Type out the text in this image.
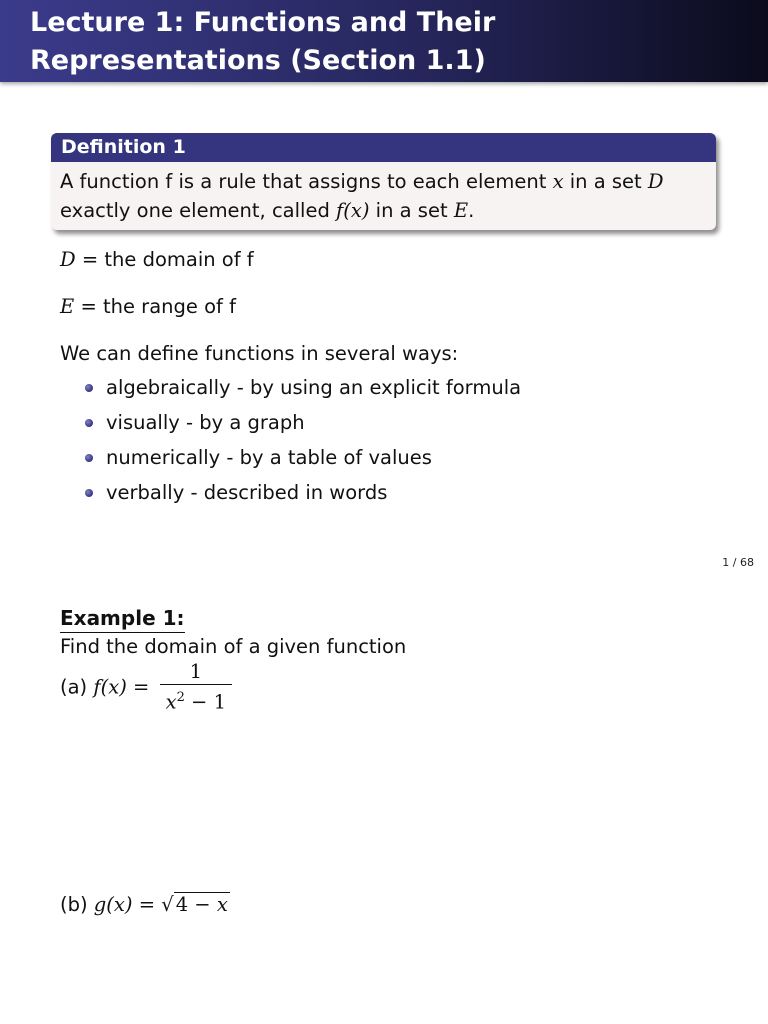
Lecture 1: Functions and Their Representations (Section 1.1)
Definition 1
A function f is a rule that assigns to each element x in a set D
exactly one element, called f(x) in a set E.
D = the domain of f
E = the range of f
We can define functions in several ways:
algebraically - by using an explicit formula
visually - by a graph
numerically - by a table of values
verbally - described in words
1 / 68
Example 1:
Find the domain of a given function
(a) $f(x) = \frac{1}{x^2 - 1}$
(b) g(x) = √ 4 − x
